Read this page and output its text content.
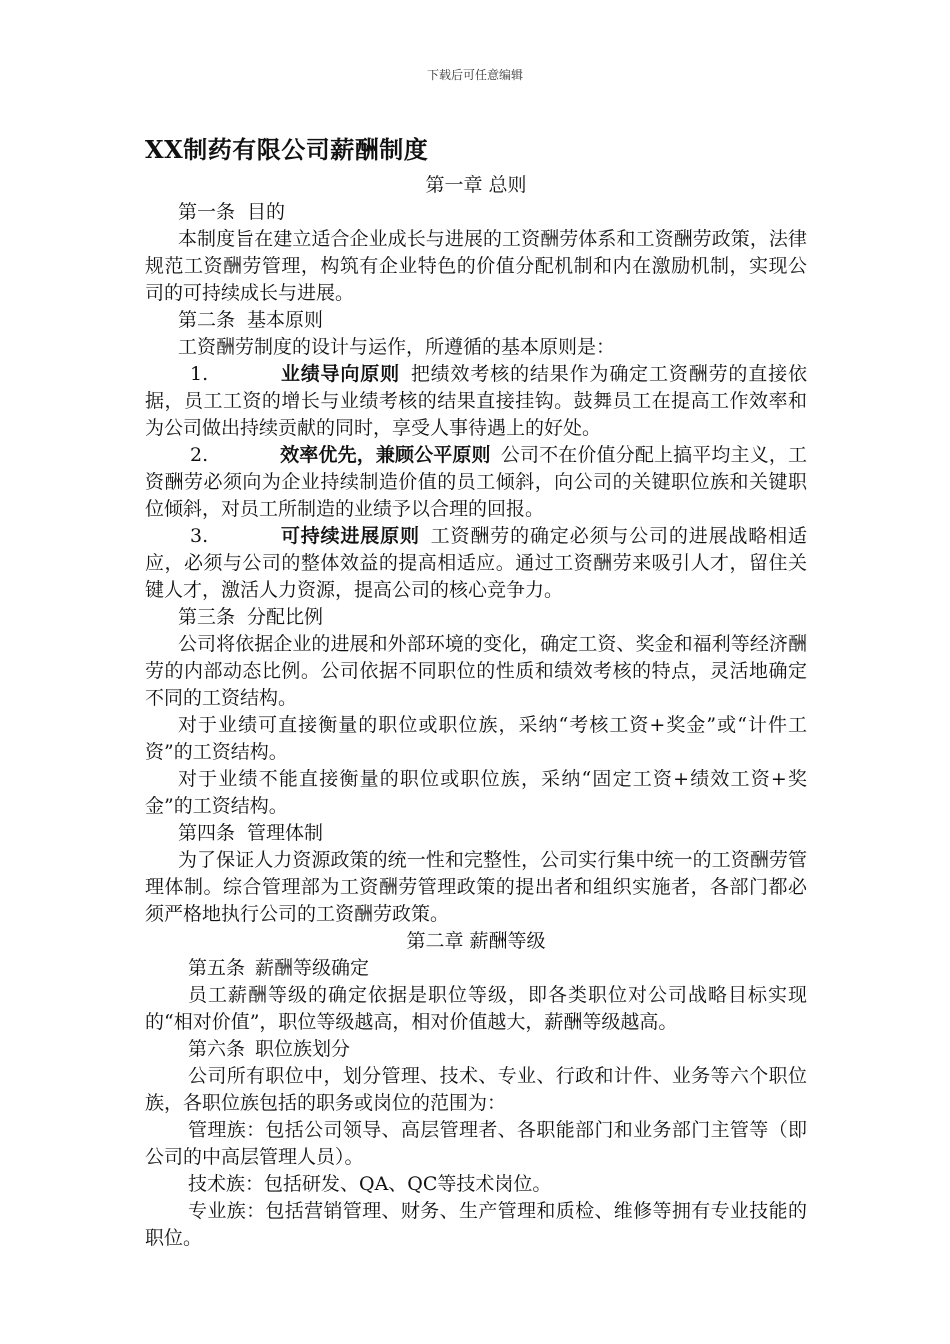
下载后可任意编辑
XX制药有限公司薪酬制度

第一章 总则

第一条 目的

本制度旨在建立适合企业成长与进展的工资酬劳体系和工资酬劳政策，法律规范工资酬劳管理，构筑有企业特色的价值分配机制和内在激励机制，实现公司的可持续成长与进展。

第二条 基本原则

工资酬劳制度的设计与运作，所遵循的基本原则是：

1.	业绩导向原则 把绩效考核的结果作为确定工资酬劳的直接依据，员工工资的增长与业绩考核的结果直接挂钩。鼓舞员工在提高工作效率和为公司做出持续贡献的同时，享受人事待遇上的好处。

2.	效率优先，兼顾公平原则 公司不在价值分配上搞平均主义，工资酬劳必须向为企业持续制造价值的员工倾斜，向公司的关键职位族和关键职位倾斜，对员工所制造的业绩予以合理的回报。

3.	可持续进展原则 工资酬劳的确定必须与公司的进展战略相适应，必须与公司的整体效益的提高相适应。通过工资酬劳来吸引人才，留住关键人才，激活人力资源，提高公司的核心竞争力。

第三条 分配比例

公司将依据企业的进展和外部环境的变化，确定工资、奖金和福利等经济酬劳的内部动态比例。公司依据不同职位的性质和绩效考核的特点，灵活地确定不同的工资结构。

对于业绩可直接衡量的职位或职位族，采纳“考核工资+奖金”或“计件工资”的工资结构。

对于业绩不能直接衡量的职位或职位族，采纳“固定工资+绩效工资+奖金”的工资结构。

第四条 管理体制

为了保证人力资源政策的统一性和完整性，公司实行集中统一的工资酬劳管理体制。综合管理部为工资酬劳管理政策的提出者和组织实施者，各部门都必须严格地执行公司的工资酬劳政策。

第二章 薪酬等级

第五条 薪酬等级确定

员工薪酬等级的确定依据是职位等级，即各类职位对公司战略目标实现的“相对价值”，职位等级越高，相对价值越大，薪酬等级越高。

第六条 职位族划分

公司所有职位中，划分管理、技术、专业、行政和计件、业务等六个职位族，各职位族包括的职务或岗位的范围为：

管理族：包括公司领导、高层管理者、各职能部门和业务部门主管等（即公司的中高层管理人员）。

技术族：包括研发、QA、QC等技术岗位。

专业族：包括营销管理、财务、生产管理和质检、维修等拥有专业技能的职位。
